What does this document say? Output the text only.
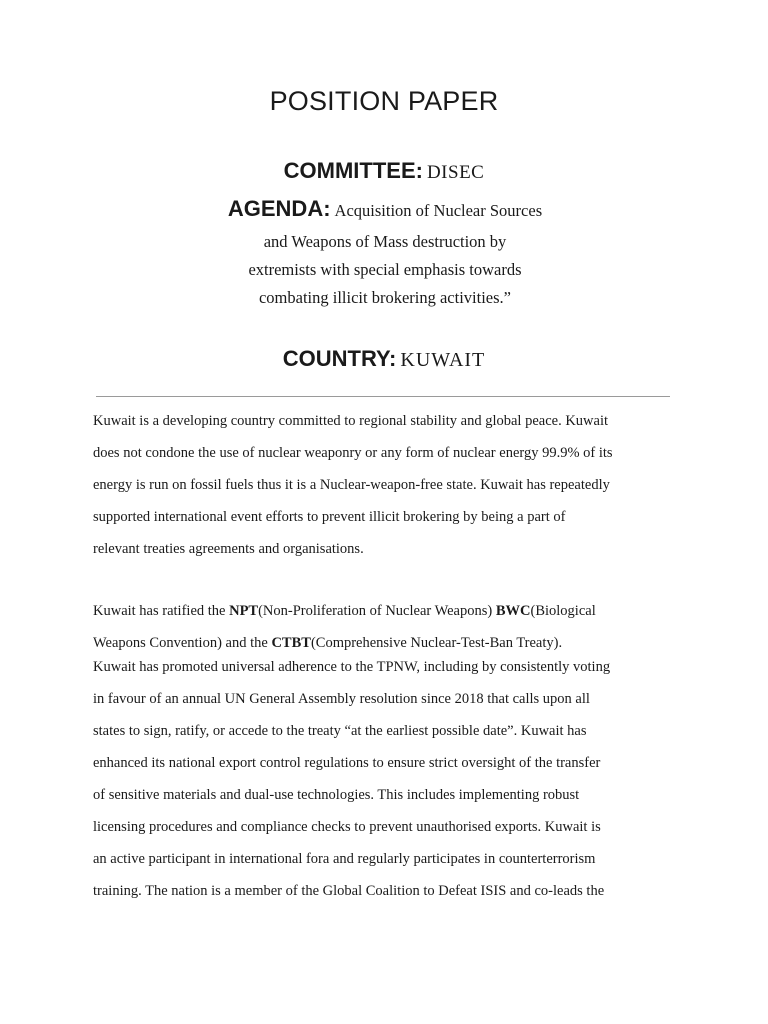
POSITION PAPER
COMMITTEE: DISEC
AGENDA: Acquisition of Nuclear Sources
and Weapons of Mass destruction by
extremists with special emphasis towards
combating illicit brokering activities.”
COUNTRY: KUWAIT
Kuwait is a developing country committed to regional stability and global peace. Kuwait
does not condone the use of nuclear weaponry or any form of nuclear energy 99.9% of its
energy is run on fossil fuels thus it is a Nuclear-weapon-free state. Kuwait has repeatedly
supported international event efforts to prevent illicit brokering by being a part of
relevant treaties agreements and organisations.
Kuwait has ratified the NPT(Non-Proliferation of Nuclear Weapons) BWC(Biological
Weapons Convention) and the CTBT(Comprehensive Nuclear-Test-Ban Treaty).
Kuwait has promoted universal adherence to the TPNW, including by consistently voting
in favour of an annual UN General Assembly resolution since 2018 that calls upon all
states to sign, ratify, or accede to the treaty “at the earliest possible date”. Kuwait has
enhanced its national export control regulations to ensure strict oversight of the transfer
of sensitive materials and dual-use technologies. This includes implementing robust
licensing procedures and compliance checks to prevent unauthorised exports. Kuwait is
an active participant in international fora and regularly participates in counterterrorism
training. The nation is a member of the Global Coalition to Defeat ISIS and co-leads the
